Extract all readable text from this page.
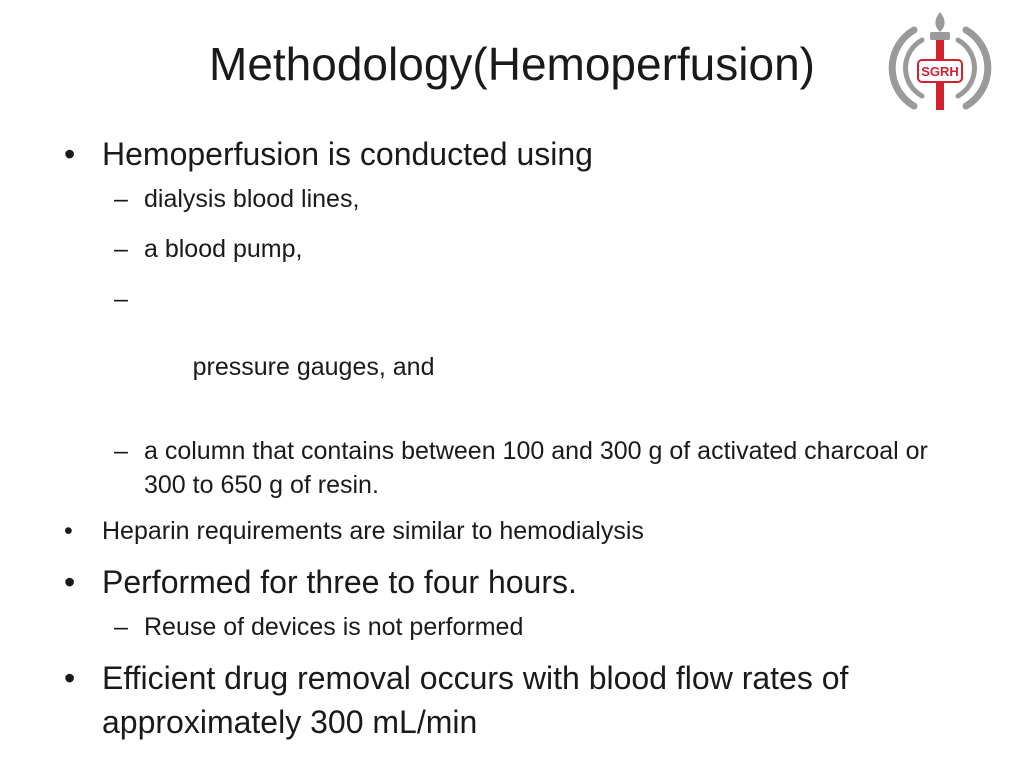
Methodology(Hemoperfusion)	SGRH
• Hemoperfusion is conducted using
– dialysis blood lines,
– a blood pump,

–

pressure gauges, and

– a column that contains between 100 and 300 g of activated charcoal or 300 to 650 g of resin.
• Heparin requirements are similar to hemodialysis
• Performed for three to four hours.
– Reuse of devices is not performed
• Efficient drug removal occurs with blood flow rates of approximately 300 mL/min
